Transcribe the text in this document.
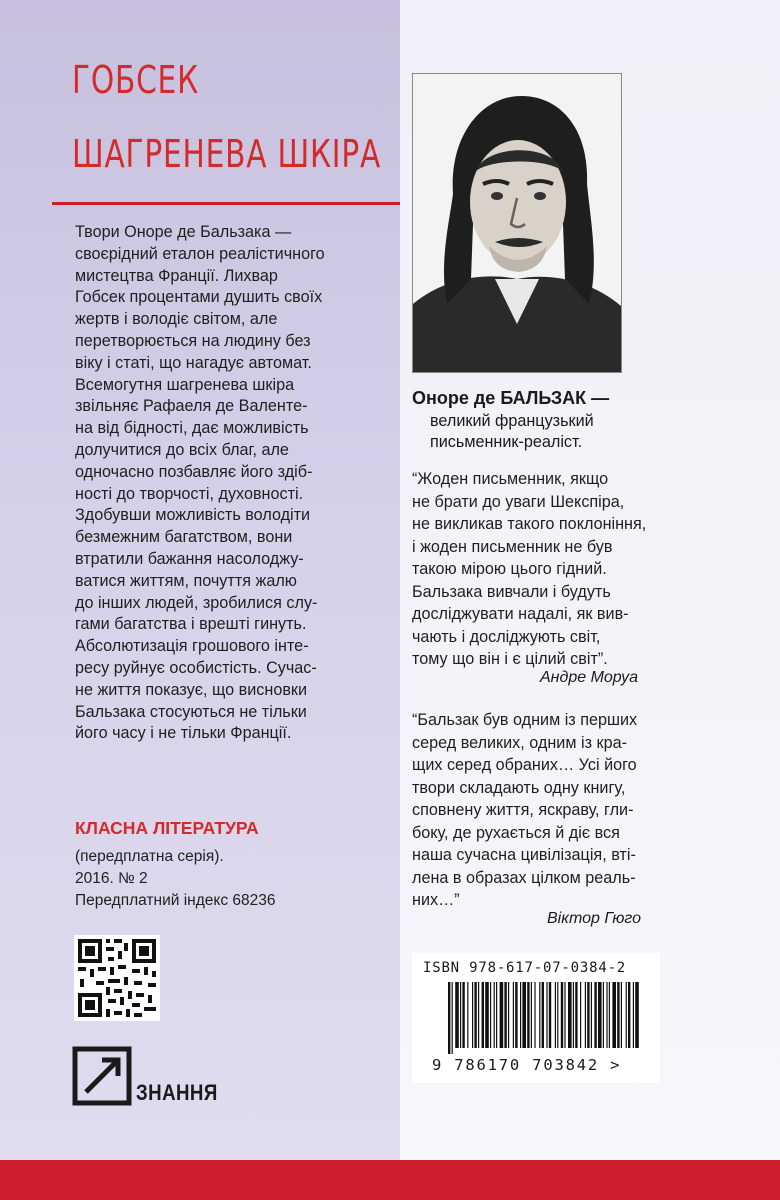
ГОБСЕК
ШАГРЕНЕВА ШКІРА
Твори Оноре де Бальзака —
своєрідний еталон реалістичного
мистецтва Франції. Лихвар
Гобсек процентами душить своїх
жертв і володіє світом, але
перетворюється на людину без
віку і статі, що нагадує автомат.
Всемогутня шагренева шкіра
звільняє Рафаеля де Валенте-
на від бідності, дає можливість
долучитися до всіх благ, але
одночасно позбавляє його здіб-
ності до творчості, духовності.
Здобувши можливість володіти
безмежним багатством, вони
втратили бажання насолоджу-
ватися життям, почуття жалю
до інших людей, зробилися слу-
гами багатства і врешті гинуть.
Абсолютизація грошового інте-
ресу руйнує особистість. Сучас-
не життя показує, що висновки
Бальзака стосуються не тільки
його часу і не тільки Франції.

КЛАСНА ЛІТЕРАТУРА

(передплатна серія).
2016. № 2
Передплатний індекс 68236

ЗНАННЯ

Оноре де БАЛЬЗАК —

великий французький
письменник-реаліст.
“Жоден письменник, якщо
не брати до уваги Шекспіра,
не викликав такого поклоніння,
і жоден письменник не був
такою мірою цього гідний.
Бальзака вивчали і будуть
досліджувати надалі, як вив-
чають і досліджують світ,
тому що він і є цілий світ”.

Андре Моруа

“Бальзак був одним із перших
серед великих, одним із кра-
щих серед обраних… Усі його
твори складають одну книгу,
сповнену життя, яскраву, гли-
боку, де рухається й діє вся
наша сучасна цивілізація, вті-
лена в образах цілком реаль-
них…”

Віктор Гюго

ISBN 978-617-07-0384-2

9 786170 703842 >
